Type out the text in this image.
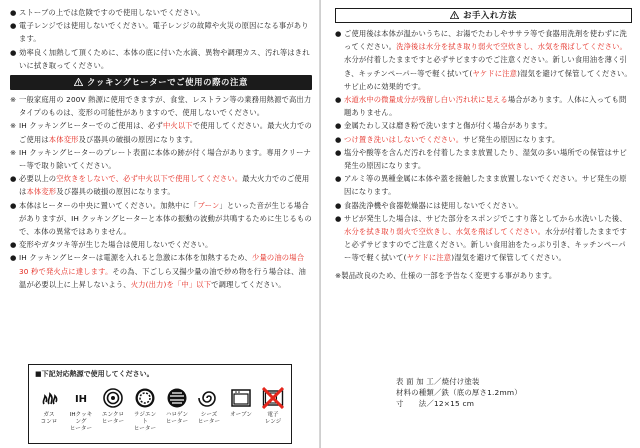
● ストーブの上では危険ですので使用しないでください。
● 電子レンジでは使用しないでください。電子レンジの故障や火災の原因になる事があります。
● 効率良く加熱して頂くために、本体の底に付いた水滴、異物や調理カス、汚れ等はきれいに拭き取ってください。
クッキングヒーターでご使用の際の注意
※ 一般家庭用の 200V 熱源に使用できますが、食堂、レストラン等の業務用熱源で高出力タイプのものは、変形の可能性がありますので、使用しないでください。
※ IH クッキングヒーターでのご使用は、必ず中火以下で使用してください。最大火力でのご使用は本体変形及び器具の破損の原因になります。
※ IH クッキングヒーターのプレート表面に本体の跡が付く場合があります。専用クリーナー等で取り除いてください。
● 必要以上の空炊きをしないで、必ず中火以下で使用してください。最大火力でのご使用は本体変形及び器具の破損の原因になります。
● 本体はヒーターの中央に置いてください。加熱中に「ブーン」といった音が生じる場合がありますが、IH クッキングヒーターと本体の振動の波動が共鳴するために生じるもので、本体の異常ではありません。
● 変形やガタツキ等が生じた場合は使用しないでください。
● IH クッキングヒーターは電源を入れると急激に本体を加熱するため、少量の油の場合 30 秒で発火点に達します。その為、下ごしら又揚少量の油で炒め物を行う場合は、油温が必要以上に上昇しないよう、火力(出力)を「中」以下で調理してください。
■下記対応熱源で使用してください。
ガス
コンロ
IH
IHクッキング
ヒーター
エンクロ
ヒーター
ラジエント
ヒーター
ハロゲン
ヒーター
シーズ
ヒーター
オーブン	電子
レンジ
お手入れ方法
● ご使用後は本体が温かいうちに、お湯でたわしやササラ等で食器用洗剤を使わずに洗ってください。洗浄後は水分を拭き取り弱火で空炊きし、水気を飛ばしてください。水分が付着したままですと必ずサビますのでご注意ください。新しい食用油を薄く引き、キッチンペーパー等で軽く拭いて(ヤケドに注意)湿気を避けて保管してください。サビ止めに効果的です。
● 水道水中の微量成分が残留し白い汚れ状に見える場合があります。人体に入っても問題ありません。
● 金属たわし又は磨き粉で洗いますと傷が付く場合があります。
● つけ置き洗いはしないでください。サビ発生の原因になります。
● 塩分や酸等を含んだ汚れを付着したまま放置したり、湿気の多い場所での保管はサビ発生の原因になります。
● アルミ等の異種金属に本体や蓋を接触したまま放置しないでください。サビ発生の原因になります。
● 食器洗浄機や食器乾燥器には使用しないでください。
● サビが発生した場合は、サビた部分をスポンジでこすり落としてから水洗いした後、水分を拭き取り弱火で空炊きし、水気を飛ばしてください。水分が付着したままですと必ずサビますのでご注意ください。新しい食用油をたっぷり引き、キッチンペーパー等で軽く拭いて(ヤケドに注意)湿気を避けて保管してください。
※製品改良のため、仕様の一部を予告なく変更する事があります。
表 面 加 工／焼付け塗装
材料の種類／鉄（底の厚さ1.2mm）
寸　　法／12×15 cm
